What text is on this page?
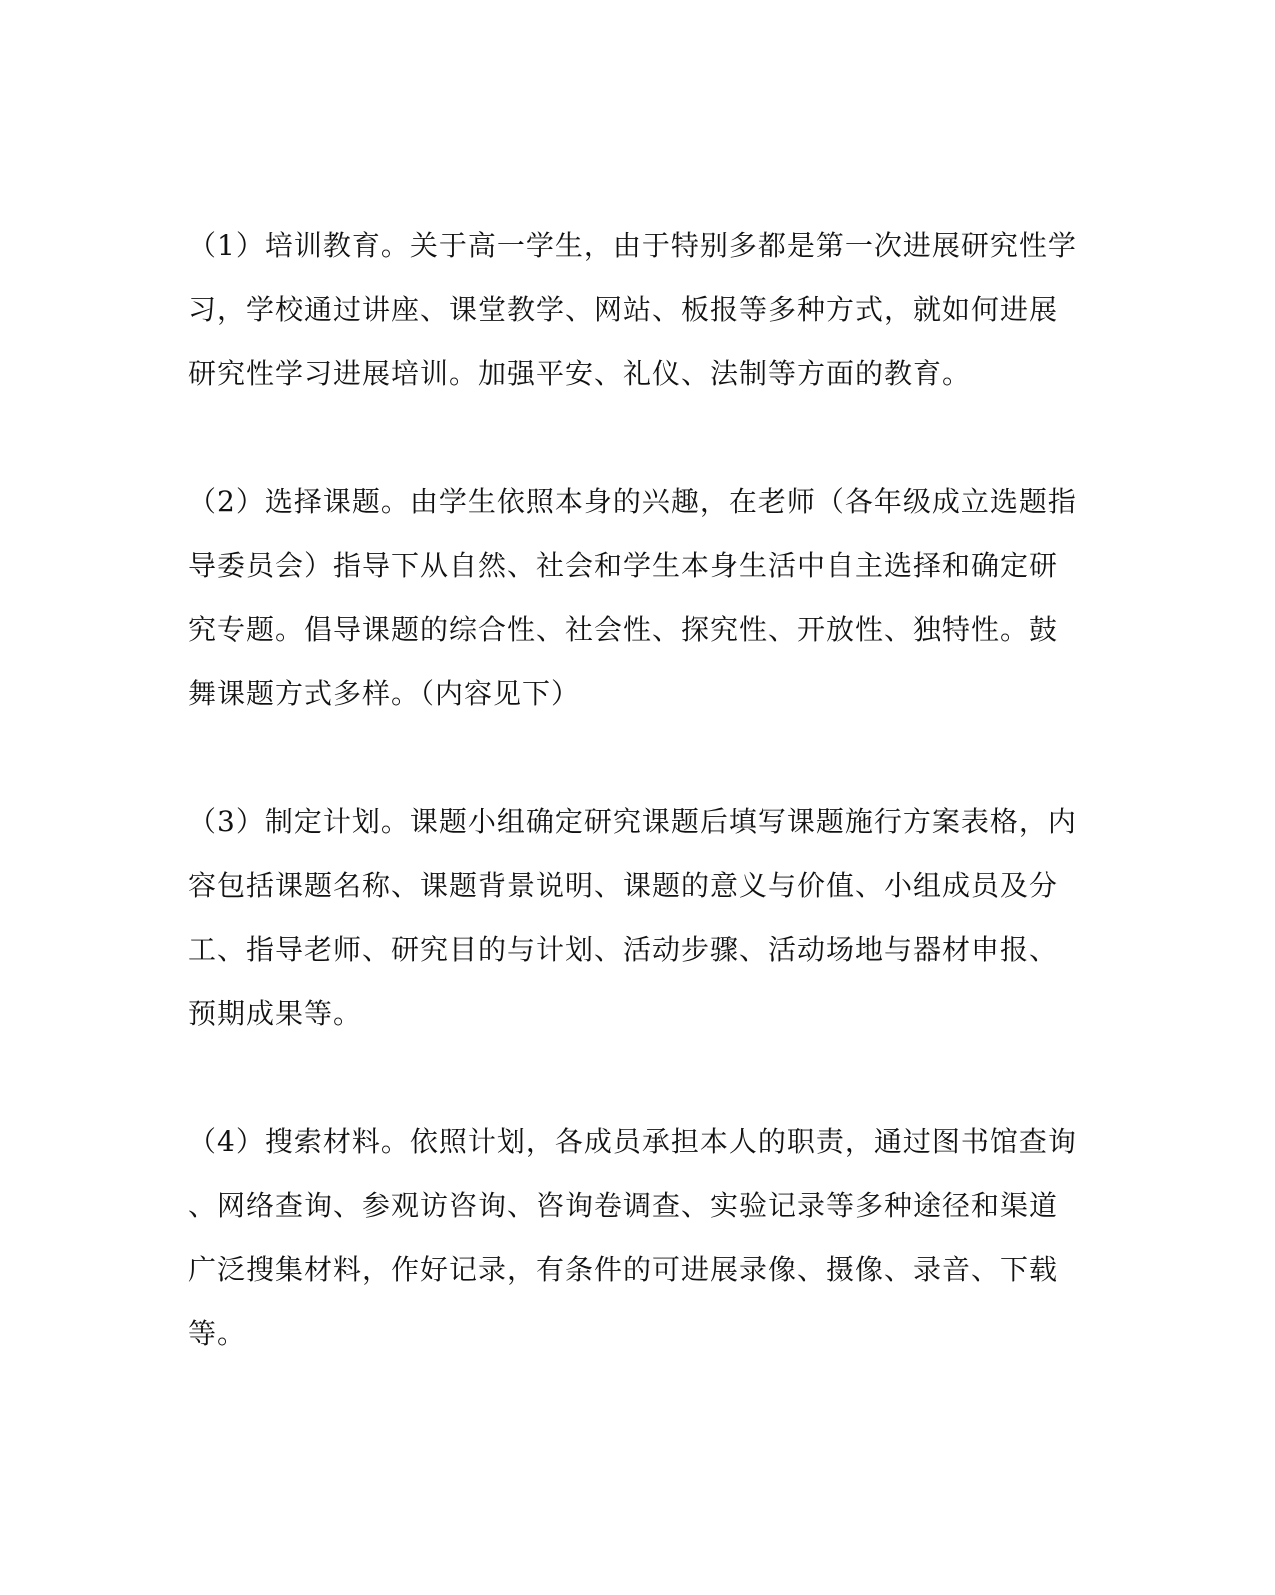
（1）培训教育。关于高一学生，由于特别多都是第一次进展研究性学
习，学校通过讲座、课堂教学、网站、板报等多种方式，就如何进展
研究性学习进展培训。加强平安、礼仪、法制等方面的教育。

（2）选择课题。由学生依照本身的兴趣，在老师（各年级成立选题指
导委员会）指导下从自然、社会和学生本身生活中自主选择和确定研
究专题。倡导课题的综合性、社会性、探究性、开放性、独特性。鼓
舞课题方式多样。（内容见下）

（3）制定计划。课题小组确定研究课题后填写课题施行方案表格，内
容包括课题名称、课题背景说明、课题的意义与价值、小组成员及分
工、指导老师、研究目的与计划、活动步骤、活动场地与器材申报、
预期成果等。

（4）搜索材料。依照计划，各成员承担本人的职责，通过图书馆查询
、网络查询、参观访咨询、咨询卷调查、实验记录等多种途径和渠道
广泛搜集材料，作好记录，有条件的可进展录像、摄像、录音、下载
等。
